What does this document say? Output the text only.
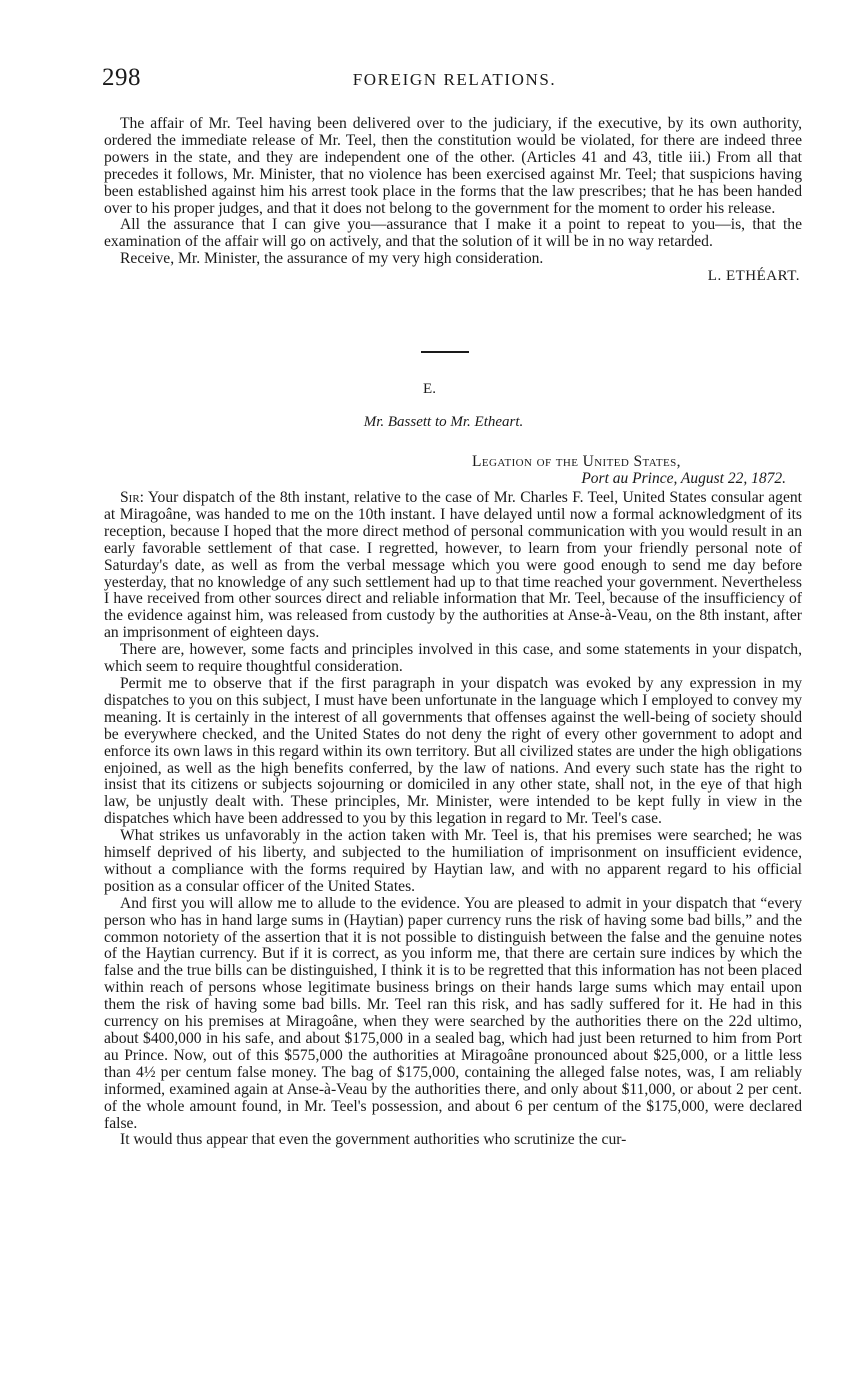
298	FOREIGN RELATIONS.

The affair of Mr. Teel having been delivered over to the judiciary, if the executive, by its own authority, ordered the immediate release of Mr. Teel, then the constitution would be violated, for there are indeed three powers in the state, and they are independent one of the other. (Articles 41 and 43, title iii.) From all that precedes it follows, Mr. Minister, that no violence has been exercised against Mr. Teel; that suspicions having been established against him his arrest took place in the forms that the law prescribes; that he has been handed over to his proper judges, and that it does not belong to the government for the moment to order his release.

All the assurance that I can give you—assurance that I make it a point to repeat to you—is, that the examination of the affair will go on actively, and that the solution of it will be in no way retarded.

Receive, Mr. Minister, the assurance of my very high consideration.

L. ETHÉART.

E.
Mr. Bassett to Mr. Etheart.
Legation of the United States,
Port au Prince, August 22, 1872.

Sir: Your dispatch of the 8th instant, relative to the case of Mr. Charles F. Teel, United States consular agent at Miragoâne, was handed to me on the 10th instant. I have delayed until now a formal acknowledgment of its reception, because I hoped that the more direct method of personal communication with you would result in an early favorable settlement of that case. I regretted, however, to learn from your friendly personal note of Saturday's date, as well as from the verbal message which you were good enough to send me day before yesterday, that no knowledge of any such settlement had up to that time reached your government. Nevertheless I have received from other sources direct and reliable information that Mr. Teel, because of the insufficiency of the evidence against him, was released from custody by the authorities at Anse-à-Veau, on the 8th instant, after an imprisonment of eighteen days.

There are, however, some facts and principles involved in this case, and some statements in your dispatch, which seem to require thoughtful consideration.

Permit me to observe that if the first paragraph in your dispatch was evoked by any expression in my dispatches to you on this subject, I must have been unfortunate in the language which I employed to convey my meaning. It is certainly in the interest of all governments that offenses against the well-being of society should be everywhere checked, and the United States do not deny the right of every other government to adopt and enforce its own laws in this regard within its own territory. But all civilized states are under the high obligations enjoined, as well as the high benefits conferred, by the law of nations. And every such state has the right to insist that its citizens or subjects sojourning or domiciled in any other state, shall not, in the eye of that high law, be unjustly dealt with. These principles, Mr. Minister, were intended to be kept fully in view in the dispatches which have been addressed to you by this legation in regard to Mr. Teel's case.

What strikes us unfavorably in the action taken with Mr. Teel is, that his premises were searched; he was himself deprived of his liberty, and subjected to the humiliation of imprisonment on insufficient evidence, without a compliance with the forms required by Haytian law, and with no apparent regard to his official position as a consular officer of the United States.

And first you will allow me to allude to the evidence. You are pleased to admit in your dispatch that “every person who has in hand large sums in (Haytian) paper currency runs the risk of having some bad bills,” and the common notoriety of the assertion that it is not possible to distinguish between the false and the genuine notes of the Haytian currency. But if it is correct, as you inform me, that there are certain sure indices by which the false and the true bills can be distinguished, I think it is to be regretted that this information has not been placed within reach of persons whose legitimate business brings on their hands large sums which may entail upon them the risk of having some bad bills. Mr. Teel ran this risk, and has sadly suffered for it. He had in this currency on his premises at Miragoâne, when they were searched by the authorities there on the 22d ultimo, about $400,000 in his safe, and about $175,000 in a sealed bag, which had just been returned to him from Port au Prince. Now, out of this $575,000 the authorities at Miragoâne pronounced about $25,000, or a little less than 4½ per centum false money. The bag of $175,000, containing the alleged false notes, was, I am reliably informed, examined again at Anse-à-Veau by the authorities there, and only about $11,000, or about 2 per cent. of the whole amount found, in Mr. Teel's possession, and about 6 per centum of the $175,000, were declared false.

It would thus appear that even the government authorities who scrutinize the cur-
